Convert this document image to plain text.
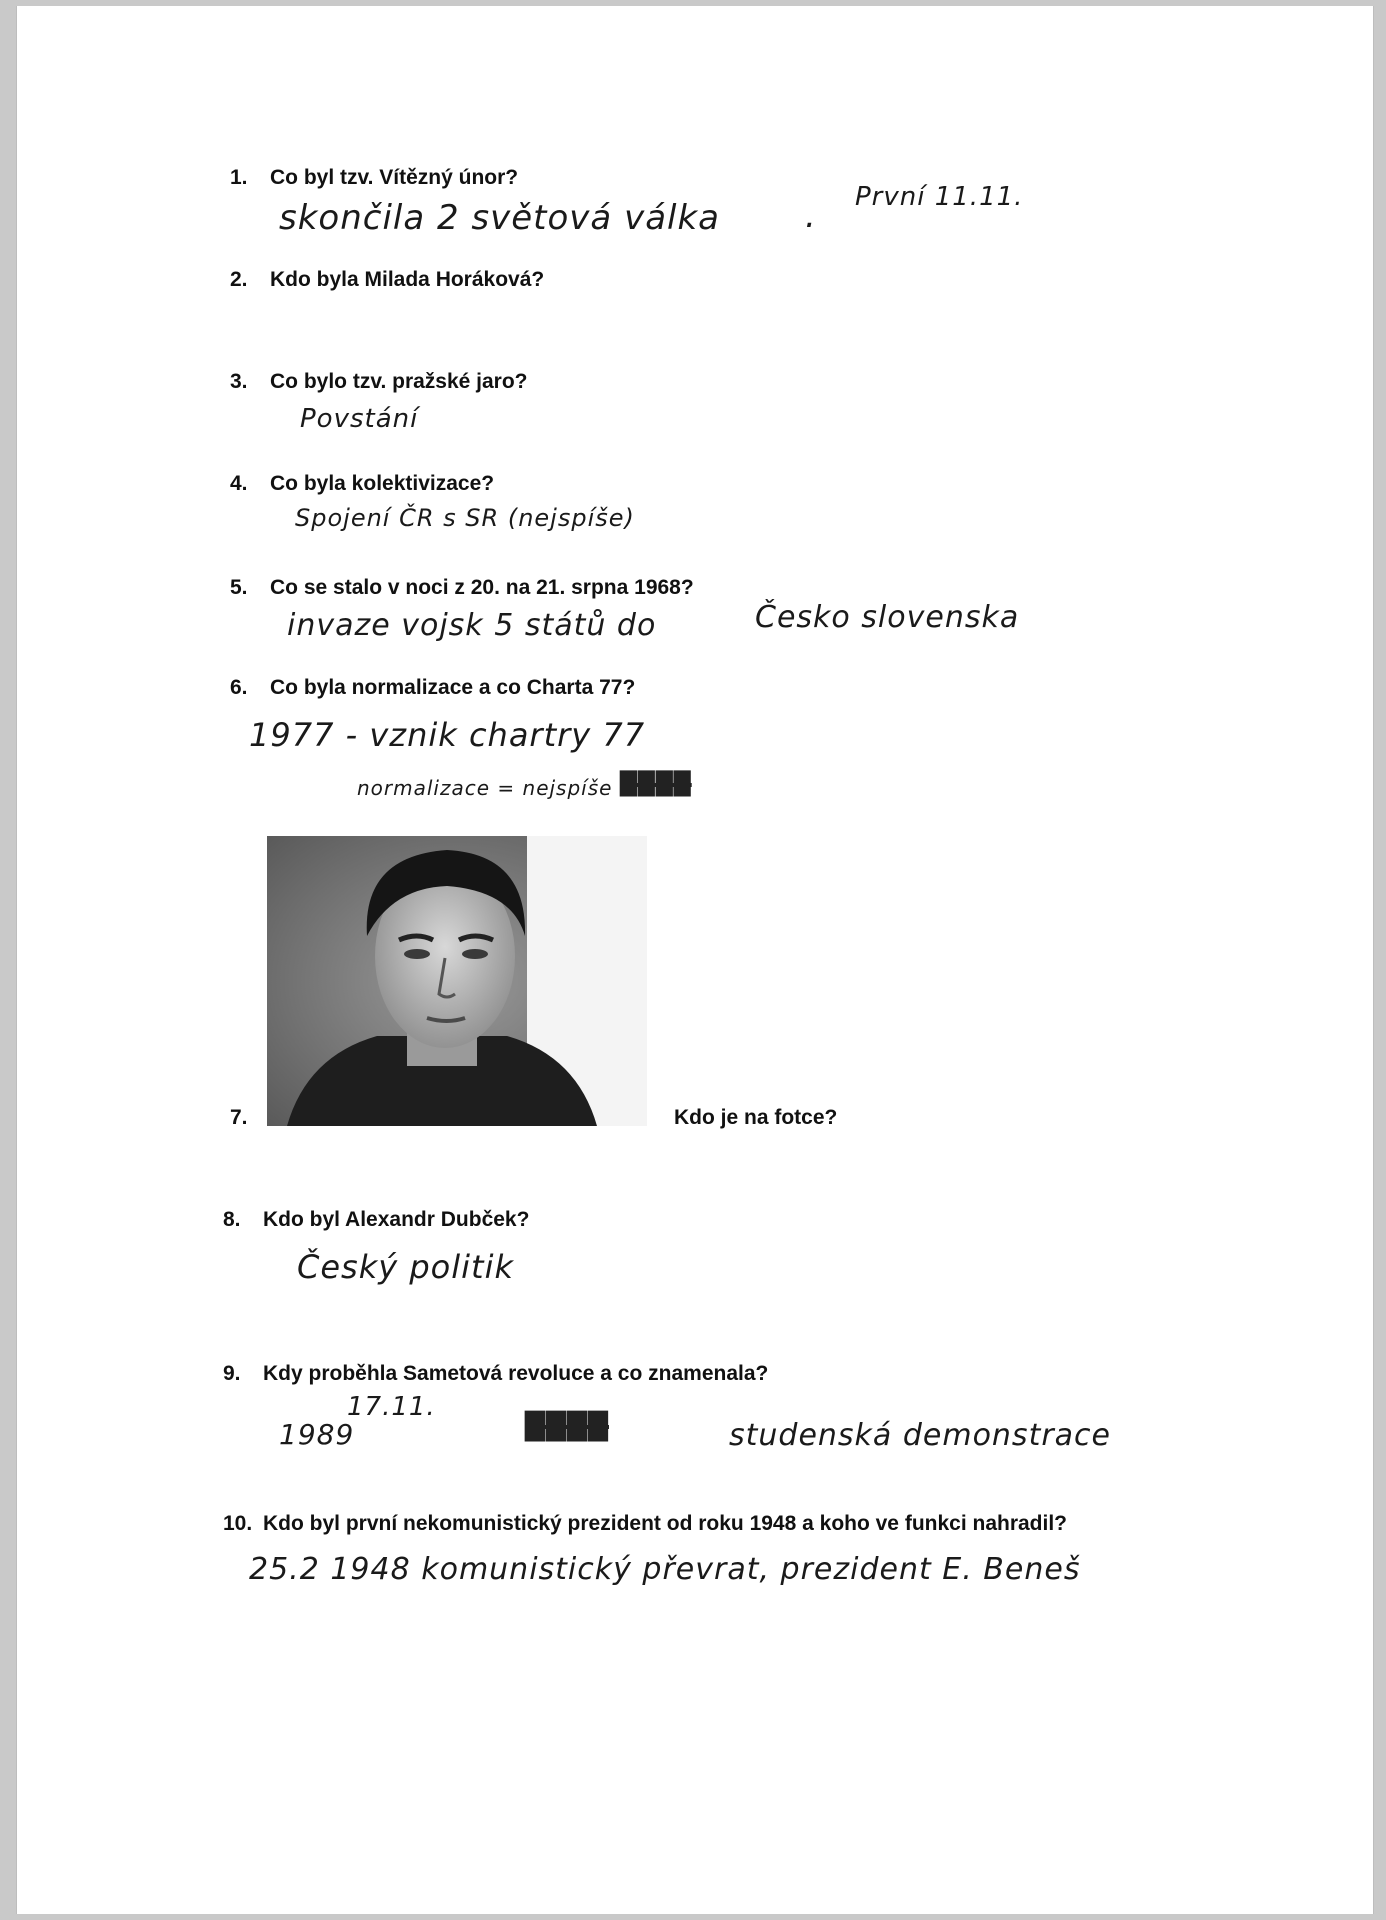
1. Co byl tzv. Vítězný únor?

skončila 2 světová válka	. První 11.11.

2. Kdo byla Milada Horáková?

3. Co bylo tzv. pražské jaro?

Povstání

4. Co byla kolektivizace?

Spojení ČR s SR (nejspíše)

5. Co se stalo v noci z 20. na 21. srpna 1968?

invaze vojsk 5 států do	Česko slovenska

6. Co byla normalizace a co Charta 77?

1977 - vznik chartry 77

normalizace = nejspíše ████

7.	Kdo je na fotce?

8. Kdo byl Alexandr Dubček?

Český politik

9. Kdy proběhla Sametová revoluce a co znamenala?

17.11.

1989	████	studenská demonstrace

10. Kdo byl první nekomunistický prezident od roku 1948 a koho ve funkci nahradil?

25.2 1948 komunistický převrat, prezident E. Beneš
